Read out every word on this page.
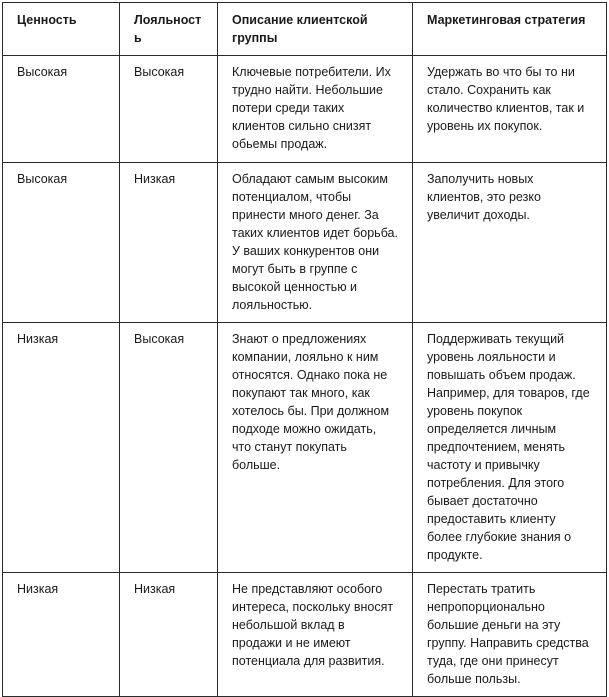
Ценность	Лояльность	Описание клиентской группы	Маркетинговая стратегия
Высокая	Высокая	Ключевые потребители. Их трудно найти. Небольшие потери среди таких клиентов сильно снизят обьемы продаж.	Удержать во что бы то ни стало. Сохранить как количество клиентов, так и уровень их покупок.
Высокая	Низкая	Обладают самым высоким потенциалом, чтобы принести много денег. За таких клиентов идет борьба. У ваших конкурентов они могут быть в группе с высокой ценностью и лояльностью.	Заполучить новых клиентов, это резко увеличит доходы.
Низкая	Высокая	Знают о предложениях компании, лояльно к ним относятся. Однако пока не покупают так много, как хотелось бы. При должном подходе можно ожидать, что станут покупать больше.	Поддерживать текущий уровень лояльности и повышать объем продаж. Например, для товаров, где уровень покупок определяется личным предпочтением, менять частоту и привычку потребления. Для этого бывает достаточно предоставить клиенту более глубокие знания о продукте.
Низкая	Низкая	Не представляют особого интереса, поскольку вносят небольшой вклад в продажи и не имеют потенциала для развития.	Перестать тратить непропорционально большие деньги на эту группу. Направить средства туда, где они принесут больше пользы.
